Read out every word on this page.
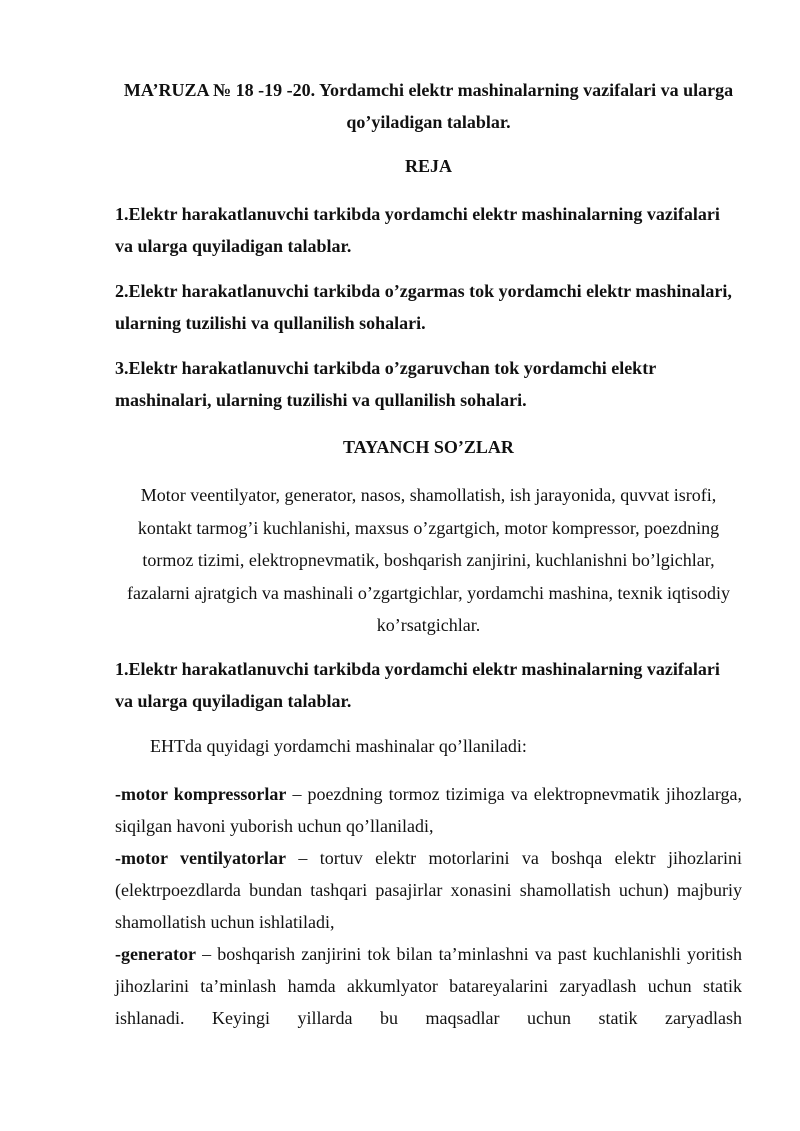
MA’RUZA № 18 -19 -20. Yordamchi elektr mashinalarning vazifalari va ularga qo’yiladigan talablar.

REJA

1.Elektr harakatlanuvchi tarkibda yordamchi elektr mashinalarning vazifalari va ularga quyiladigan talablar.

2.Elektr harakatlanuvchi tarkibda o’zgarmas tok yordamchi elektr mashinalari, ularning tuzilishi va qullanilish sohalari.

3.Elektr harakatlanuvchi tarkibda o’zgaruvchan tok yordamchi elektr mashinalari, ularning tuzilishi va qullanilish sohalari.

TAYANCH SO’ZLAR

Motor veentilyator, generator, nasos, shamollatish, ish jarayonida, quvvat isrofi, kontakt tarmog’i kuchlanishi, maxsus o’zgartgich, motor kompressor, poezdning tormoz tizimi, elektropnevmatik, boshqarish zanjirini, kuchlanishni bo’lgichlar, fazalarni ajratgich va mashinali o’zgartgichlar, yordamchi mashina, texnik iqtisodiy ko’rsatgichlar.

1.Elektr harakatlanuvchi tarkibda yordamchi elektr mashinalarning vazifalari va ularga quyiladigan talablar.

EHTda quyidagi yordamchi mashinalar qo’llaniladi:

-motor kompressorlar – poezdning tormoz tizimiga va elektropnevmatik jihozlarga, siqilgan havoni yuborish uchun qo’llaniladi,

-motor ventilyatorlar – tortuv elektr motorlarini va boshqa elektr jihozlarini (elektrpoezdlarda bundan tashqari pasajirlar xonasini shamollatish uchun) majburiy shamollatish uchun ishlatiladi,

-generator – boshqarish zanjirini tok bilan ta’minlashni va past kuchlanishli yoritish jihozlarini ta’minlash hamda akkumlyator batareyalarini zaryadlash uchun statik ishlanadi. Keyingi yillarda bu maqsadlar uchun statik zaryadlash
